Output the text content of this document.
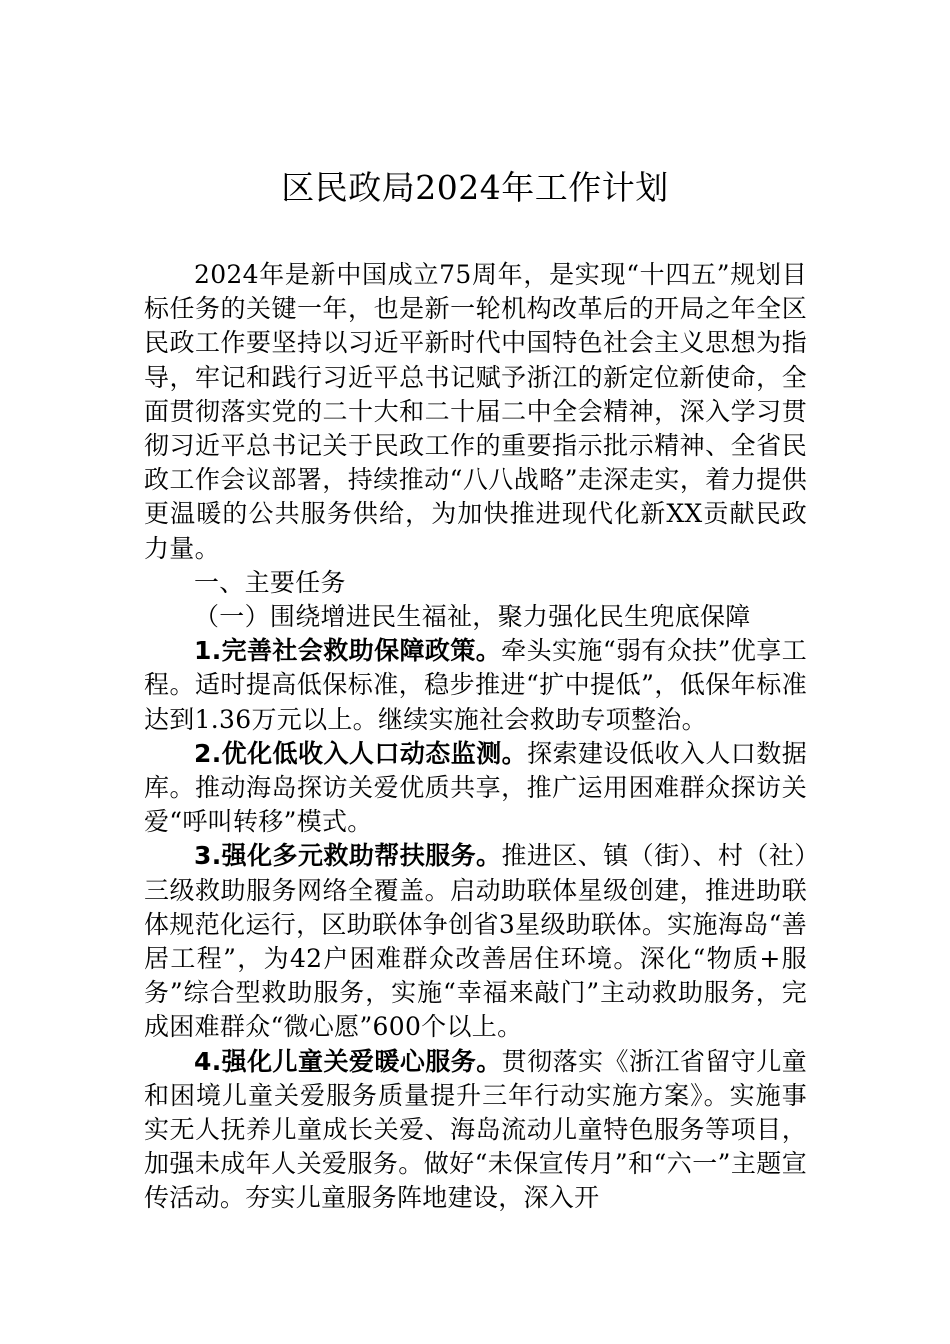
区民政局2024年工作计划

2024年是新中国成立75周年，是实现“十四五”规划目标任务的关键一年，也是新一轮机构改革后的开局之年全区民政工作要坚持以习近平新时代中国特色社会主义思想为指导，牢记和践行习近平总书记赋予浙江的新定位新使命，全面贯彻落实党的二十大和二十届二中全会精神，深入学习贯彻习近平总书记关于民政工作的重要指示批示精神、全省民政工作会议部署，持续推动“八八战略”走深走实，着力提供更温暖的公共服务供给，为加快推进现代化新XX贡献民政力量。

一、主要任务

（一）围绕增进民生福祉，聚力强化民生兜底保障

1.完善社会救助保障政策。牵头实施“弱有众扶”优享工程。适时提高低保标准，稳步推进“扩中提低”，低保年标准达到1.36万元以上。继续实施社会救助专项整治。

2.优化低收入人口动态监测。探索建设低收入人口数据库。推动海岛探访关爱优质共享，推广运用困难群众探访关爱“呼叫转移”模式。

3.强化多元救助帮扶服务。推进区、镇（街）、村（社）三级救助服务网络全覆盖。启动助联体星级创建，推进助联体规范化运行，区助联体争创省3星级助联体。实施海岛“善居工程”，为42户困难群众改善居住环境。深化“物质+服务”综合型救助服务，实施“幸福来敲门”主动救助服务，完成困难群众“微心愿”600个以上。

4.强化儿童关爱暖心服务。贯彻落实《浙江省留守儿童和困境儿童关爱服务质量提升三年行动实施方案》。实施事实无人抚养儿童成长关爱、海岛流动儿童特色服务等项目，加强未成年人关爱服务。做好“未保宣传月”和“六一”主题宣传活动。夯实儿童服务阵地建设，深入开
